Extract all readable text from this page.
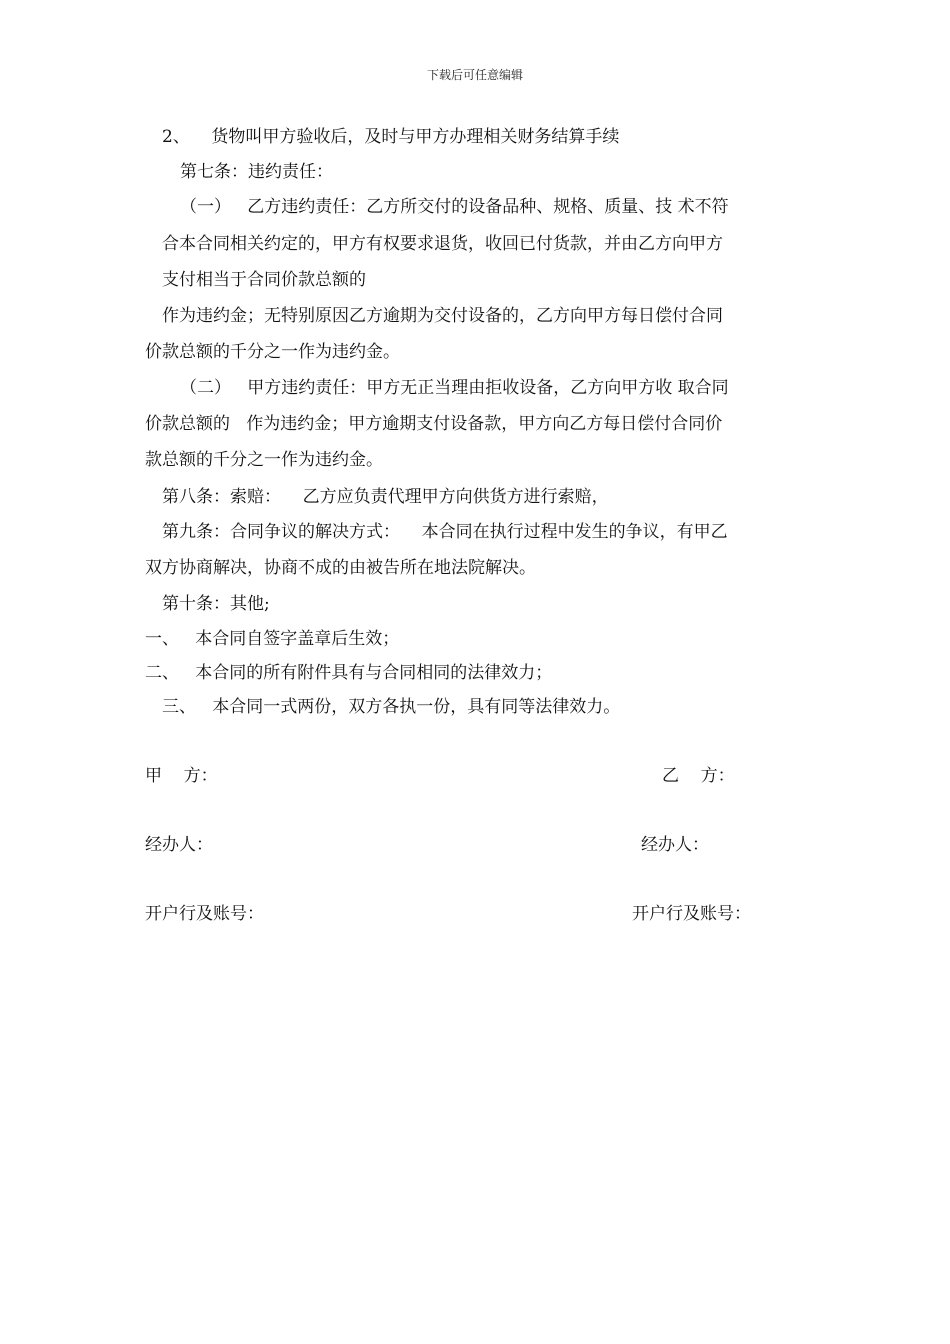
下载后可任意编辑
2、    货物叫甲方验收后，及时与甲方办理相关财务结算手续
第七条：违约责任：
（一）   乙方违约责任：乙方所交付的设备品种、规格、质量、技 术不符
合本合同相关约定的，甲方有权要求退货，收回已付货款，并由乙方向甲方
支付相当于合同价款总额的
作为违约金；无特别原因乙方逾期为交付设备的，乙方向甲方每日偿付合同
价款总额的千分之一作为违约金。
（二）   甲方违约责任：甲方无正当理由拒收设备，乙方向甲方收 取合同
价款总额的   作为违约金；甲方逾期支付设备款，甲方向乙方每日偿付合同价
款总额的千分之一作为违约金。
第八条：索赔：    乙方应负责代理甲方向供货方进行索赔，
第九条：合同争议的解决方式：    本合同在执行过程中发生的争议，有甲乙
双方协商解决，协商不成的由被告所在地法院解决。
第十条：其他;
一、   本合同自签字盖章后生效；
二、   本合同的所有附件具有与合同相同的法律效力；
三、   本合同一式两份，双方各执一份，具有同等法律效力。
甲    方：	乙    方：
经办人：	经办人：
开户行及账号：	开户行及账号：
